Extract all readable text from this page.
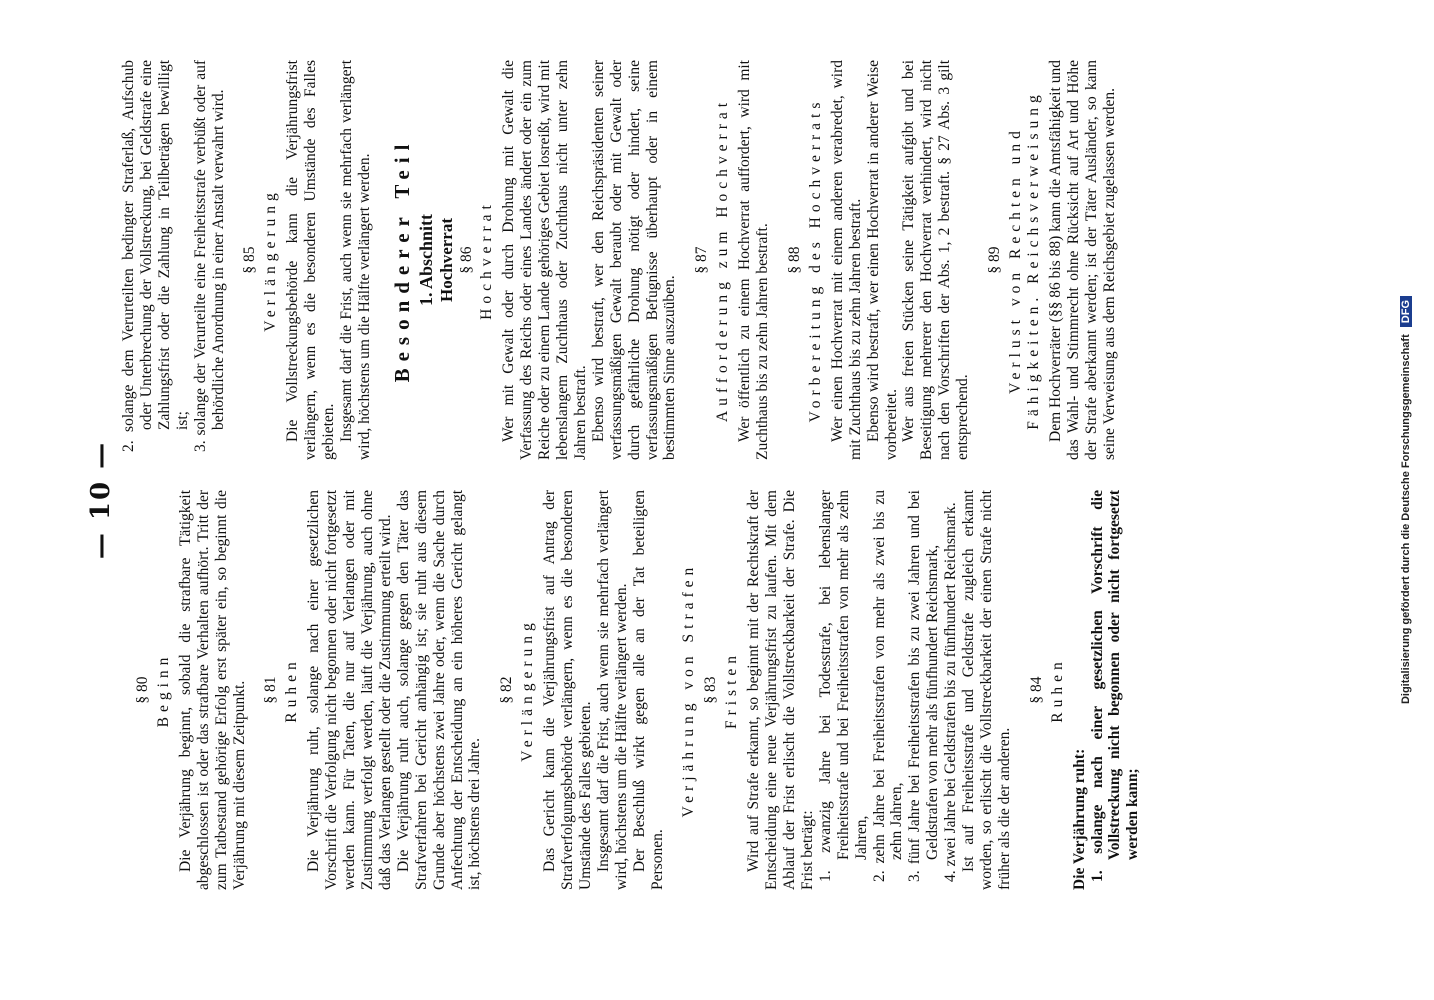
— 10 —
§ 80 Beginn Die Verjährung beginnt, sobald die strafbare Tätigkeit abgeschlossen ist oder das strafbare Verhalten aufhört. Tritt der zum Tatbestand gehörige Erfolg erst später ein, so beginnt die Verjährung mit diesem Zeitpunkt. § 81 Ruhen Die Verjährung ruht, solange nach einer gesetzlichen Vorschrift die Verfolgung nicht begonnen oder nicht fortgesetzt werden kann. Für Taten, die nur auf Verlangen oder mit Zustimmung verfolgt werden, läuft die Verjährung, auch ohne daß das Verlangen gestellt oder die Zustimmung erteilt wird. Die Verjährung ruht auch, solange gegen den Täter das Strafverfahren bei Gericht anhängig ist; sie ruht aus diesem Grunde aber höchstens zwei Jahre oder, wenn die Sache durch Anfechtung der Entscheidung an ein höheres Gericht gelangt ist, höchstens drei Jahre.

§ 82 Verlängerung Das Gericht kann die Verjährungsfrist auf Antrag der Strafverfolgungsbehörde verlängern, wenn es die besonderen Umstände des Falles gebieten. Insgesamt darf die Frist, auch wenn sie mehrfach verlängert wird, höchstens um die Hälfte verlängert werden. Der Beschluß wirkt gegen alle an der Tat beteiligten Personen.

Verjährung von Strafen § 83 Fristen Wird auf Strafe erkannt, so beginnt mit der Rechtskraft der Entscheidung eine neue Verjährungsfrist zu laufen. Mit dem Ablauf der Frist erlischt die Vollstreckbarkeit der Strafe. Die Frist beträgt: 1. zwanzig Jahre bei Todesstrafe, bei lebenslanger Freiheitsstrafe und bei Freiheitsstrafen von mehr als zehn Jahren, 2. zehn Jahre bei Freiheitsstrafen von mehr als zwei bis zu zehn Jahren, 3. fünf Jahre bei Freiheitsstrafen bis zu zwei Jahren und bei Geldstrafen von mehr als fünfhundert Reichsmark, 4. zwei Jahre bei Geldstrafen bis zu fünfhundert Reichsmark. Ist auf Freiheitsstrafe und Geldstrafe zugleich erkannt worden, so erlischt die Vollstreckbarkeit der einen Strafe nicht früher als die der anderen.

§ 84 Ruhen

Die Verjährung ruht: 1. solange nach einer gesetzlichen Vorschrift die Vollstreckung nicht begonnen oder nicht fortgesetzt werden kann;

2. solange dem Verurteilten bedingter Straferlaß, Aufschub oder Unterbrechung der Vollstreckung, bei Geldstrafe eine Zahlungsfrist oder die Zahlung in Teilbeträgen bewilligt ist; 3. solange der Verurteilte eine Freiheitsstrafe verbüßt oder auf behördliche Anordnung in einer Anstalt verwahrt wird. § 85 Verlängerung Die Vollstreckungsbehörde kann die Verjährungsfrist verlängern, wenn es die besonderen Umstände des Falles gebieten. Insgesamt darf die Frist, auch wenn sie mehrfach verlängert wird, höchstens um die Hälfte verlängert werden. Besonderer Teil 1. Abschnitt Hochverrat § 86 Hochverrat Wer mit Gewalt oder durch Drohung mit Gewalt die Verfassung des Reichs oder eines Landes ändert oder ein zum Reiche oder zu einem Lande gehöriges Gebiet losreißt, wird mit lebenslangem Zuchthaus oder Zuchthaus nicht unter zehn Jahren bestraft. Ebenso wird bestraft, wer den Reichspräsidenten seiner verfassungsmäßigen Gewalt beraubt oder mit Gewalt oder durch gefährliche Drohung nötigt oder hindert, seine verfassungsmäßigen Befugnisse überhaupt oder in einem bestimmten Sinne auszuüben.

§ 87 Aufforderung zum Hochverrat Wer öffentlich zu einem Hochverrat auffordert, wird mit Zuchthaus bis zu zehn Jahren bestraft. § 88 Vorbereitung des Hochverrats Wer einen Hochverrat mit einem anderen verabredet, wird mit Zuchthaus bis zu zehn Jahren bestraft. Ebenso wird bestraft, wer einen Hochverrat in anderer Weise vorbereitet. Wer aus freien Stücken seine Tätigkeit aufgibt und bei Beseitigung mehrerer den Hochverrat verhindert, wird nicht nach den Vorschriften der Abs. 1, 2 bestraft. § 27 Abs. 3 gilt entsprechend.

§ 89 Verlust von Rechten und Fähigkeiten. Reichsverweisung Dem Hochverräter (§§ 86 bis 88) kann die Amtsfähigkeit und das Wahl- und Stimmrecht ohne Rücksicht auf Art und Höhe der Strafe aberkannt werden; ist der Täter Ausländer, so kann seine Verweisung aus dem Reichsgebiet zugelassen werden.

Digitalisierung gefördert durch die Deutsche Forschungsgemeinschaft DFG
